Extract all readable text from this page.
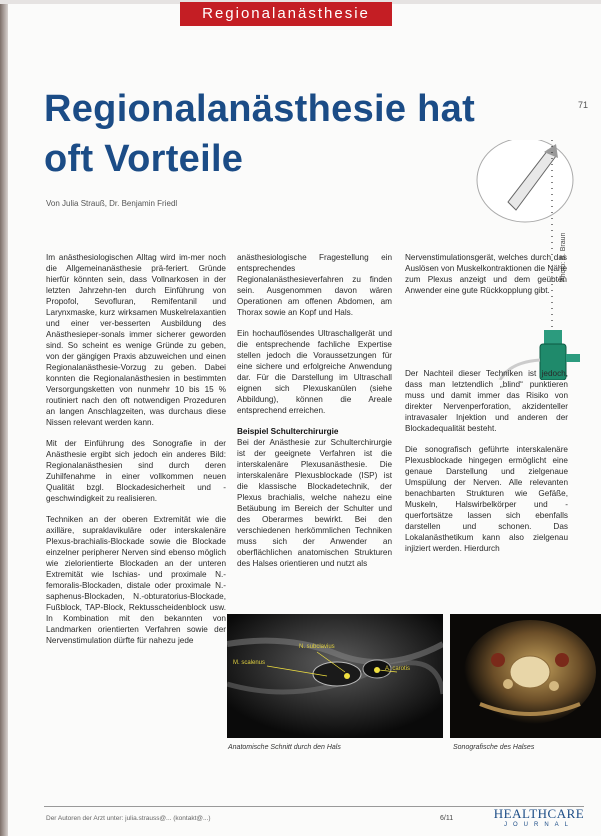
Regionalanästhesie
71
Regionalanästhesie hat
oft Vorteile
Von Julia Strauß, Dr. Benjamin Friedl
Photo: B. Braun

Im anästhesiologischen Alltag wird im-mer noch die Allgemeinanästhesie prä-feriert. Gründe hierfür könnten sein, dass Vollnarkosen in der letzten Jahrzehn-ten durch Einführung von Propofol, Sevofluran, Remifentanil und Larynxmaske, kurz wirksamen Muskelrelaxantien und einer ver-besserten Ausbildung des Anästhesieper-sonals immer sicherer geworden sind. So scheint es wenige Gründe zu geben, von der gängigen Praxis abzuweichen und einen Regionalanästhesie-Vorzug zu geben. Dabei konnten die Regionalanästhesien in bestimmten Versorgungsketten von nunmehr 10 bis 15 % routiniert nach den oft notwendigen Prozeduren an langen Anschlagzeiten, was durchaus diese Nissen relevant werden kann.

Mit der Einführung des Sonografie in der Anästhesie ergibt sich jedoch ein anderes Bild: Regionalanästhesien sind durch deren Zuhilfenahme in einer vollkommen neuen Qualität bzgl. Blockadesicherheit und -geschwindigkeit zu realisieren.

Techniken an der oberen Extremität wie die axilläre, supraklavikuläre oder interskalenäre Plexus-brachialis-Blockade sowie die Blockade einzelner peripherer Nerven sind ebenso möglich wie zielorientierte Blockaden an der unteren Extremität wie Ischias- und proximale N.-femoralis-Blockaden, distale oder proximale N.-saphenus-Blockaden, N.-obturatorius-Blockade, Fußblock, TAP-Block, Rektusscheidenblock usw. In Kombination mit den bekannten von Landmarken orientierten Verfahren sowie der Nervenstimulation dürfte für nahezu jede

anästhesiologische Fragestellung ein entsprechendes Regionalanästhesieverfahren zu finden sein. Ausgenommen davon wären Operationen am offenen Abdomen, am Thorax sowie an Kopf und Hals.

Ein hochauflösendes Ultraschallgerät und die entsprechende fachliche Expertise stellen jedoch die Voraussetzungen für eine sichere und erfolgreiche Anwendung dar. Für die Darstellung im Ultraschall eignen sich Plexuskanülen (siehe Abbildung), können die Areale entsprechend erreichen.

Beispiel Schulterchirurgie

Bei der Anästhesie zur Schulterchirurgie ist der geeignete Verfahren ist die interskalenäre Plexusanästhesie. Die interskalenäre Plexusblockade (ISP) ist die klassische Blockadetechnik, der Plexus brachialis, welche nahezu eine Betäubung im Bereich der Schulter und des Oberarmes bewirkt. Bei den verschiedenen herkömmlichen Techniken muss sich der Anwender an oberflächlichen anatomischen Strukturen des Halses orientieren und nutzt als

Nervenstimulationsgerät, welches durch das Auslösen von Muskelkontraktionen die Nähe zum Plexus anzeigt und dem geübten Anwender eine gute Rückkopplung gibt.

Der Nachteil dieser Techniken ist jedoch, dass man letztendlich „blind“ punktieren muss und damit immer das Risiko von direkter Nervenperforation, akzidenteller intravasaler Injektion und anderen der Blockadequalität besteht.

Die sonografisch geführte interskalenäre Plexusblockade hingegen ermöglicht eine genaue Darstellung und zielgenaue Umspülung der Nerven. Alle relevanten benachbarten Strukturen wie Gefäße, Muskeln, Halswirbelkörper und -querfortsätze lassen sich ebenfalls darstellen und schonen. Das Lokalanästhetikum kann also zielgenau injiziert werden. Hierdurch

M. scalenus
N. subclavius
A. carotis
Anatomische Schnitt durch den Hals	Sonografische des Halses
Der Autoren der Arzt unter: julia.strauss@... (kontakt@...)	6/11	HEALTHCARE
JOURNAL
